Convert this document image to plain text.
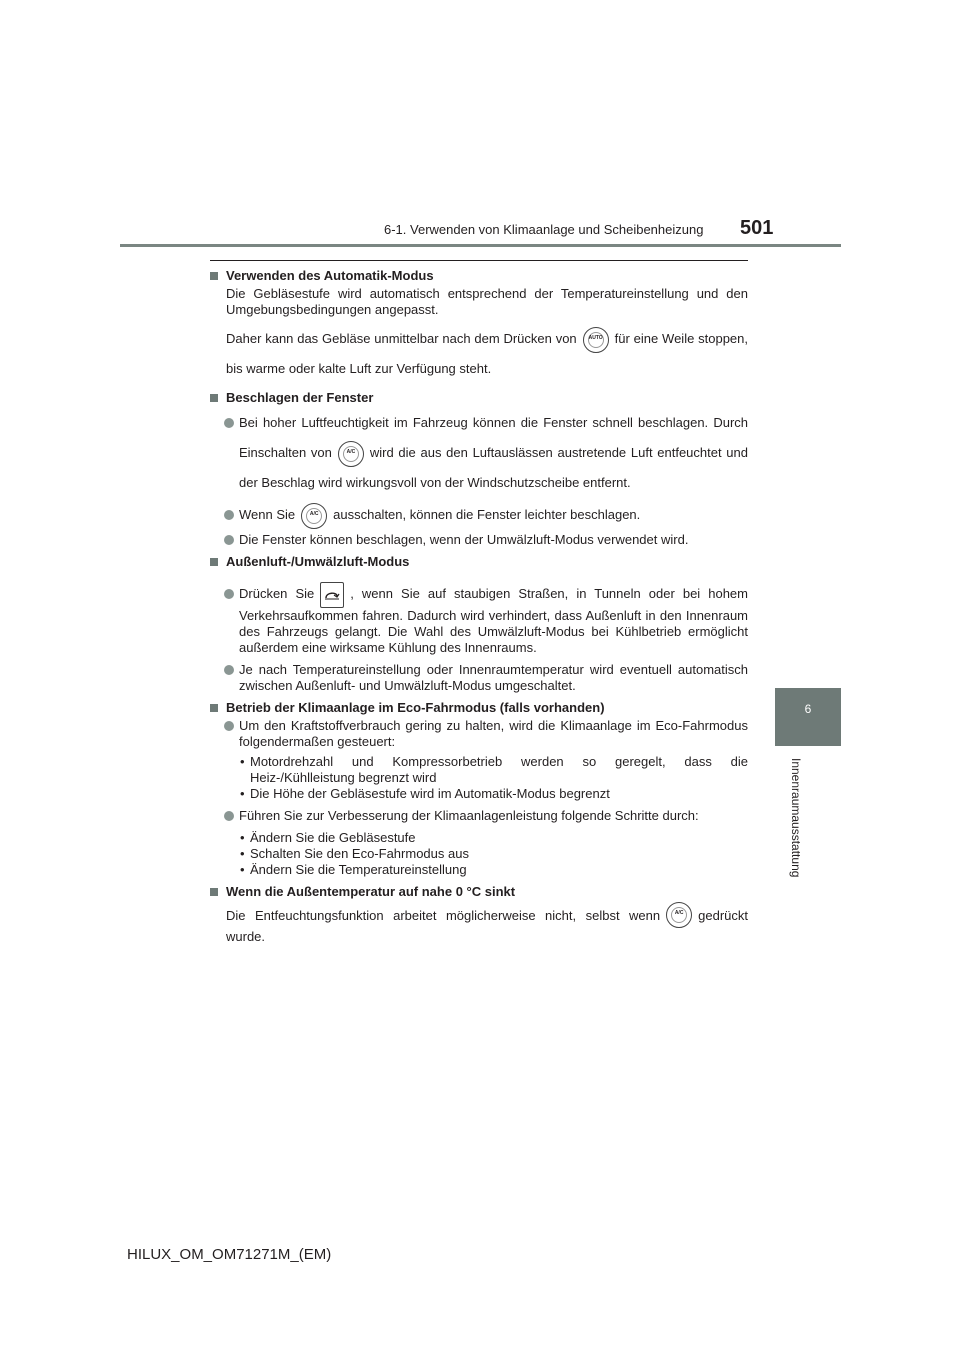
6-1. Verwenden von Klimaanlage und Scheibenheizung 501
6
Innenraumausstattung
Verwenden des Automatik-Modus
Die Gebläsestufe wird automatisch entsprechend der Temperatureinstellung und den Umgebungsbedingungen angepasst.
Daher kann das Gebläse unmittelbar nach dem Drücken von	AUTO für eine Weile stoppen, bis warme oder kalte Luft zur Verfügung steht.
Beschlagen der Fenster
Bei hoher Luftfeuchtigkeit im Fahrzeug können die Fenster schnell beschlagen. Durch Einschalten von	A/C	wird die aus den Luftauslässen austretende Luft entfeuchtet und der Beschlag wird wirkungsvoll von der Windschutzscheibe entfernt.
Wenn Sie	A/C	ausschalten, können die Fenster leichter beschlagen.
Die Fenster können beschlagen, wenn der Umwälzluft-Modus verwendet wird.
Außenluft-/Umwälzluft-Modus
Drücken Sie	, wenn Sie auf staubigen Straßen, in Tunneln oder bei hohem Verkehrsaufkommen fahren. Dadurch wird verhindert, dass Außenluft in den Innenraum des Fahrzeugs gelangt. Die Wahl des Umwälzluft-Modus bei Kühlbetrieb ermöglicht außerdem eine wirksame Kühlung des Innenraums.
Je nach Temperatureinstellung oder Innenraumtemperatur wird eventuell automatisch zwischen Außenluft- und Umwälzluft-Modus umgeschaltet.
Betrieb der Klimaanlage im Eco-Fahrmodus (falls vorhanden)
Um den Kraftstoffverbrauch gering zu halten, wird die Klimaanlage im Eco-Fahrmodus folgendermaßen gesteuert:
• Motordrehzahl und Kompressorbetrieb werden so geregelt, dass die Heiz-/Kühlleistung begrenzt wird
• Die Höhe der Gebläsestufe wird im Automatik-Modus begrenzt
Führen Sie zur Verbesserung der Klimaanlagenleistung folgende Schritte durch:
• Ändern Sie die Gebläsestufe
• Schalten Sie den Eco-Fahrmodus aus
• Ändern Sie die Temperatureinstellung
Wenn die Außentemperatur auf nahe 0 °C sinkt
Die Entfeuchtungsfunktion arbeitet möglicherweise nicht, selbst wenn	A/C	gedrückt wurde.
HILUX_OM_OM71271M_(EM)
